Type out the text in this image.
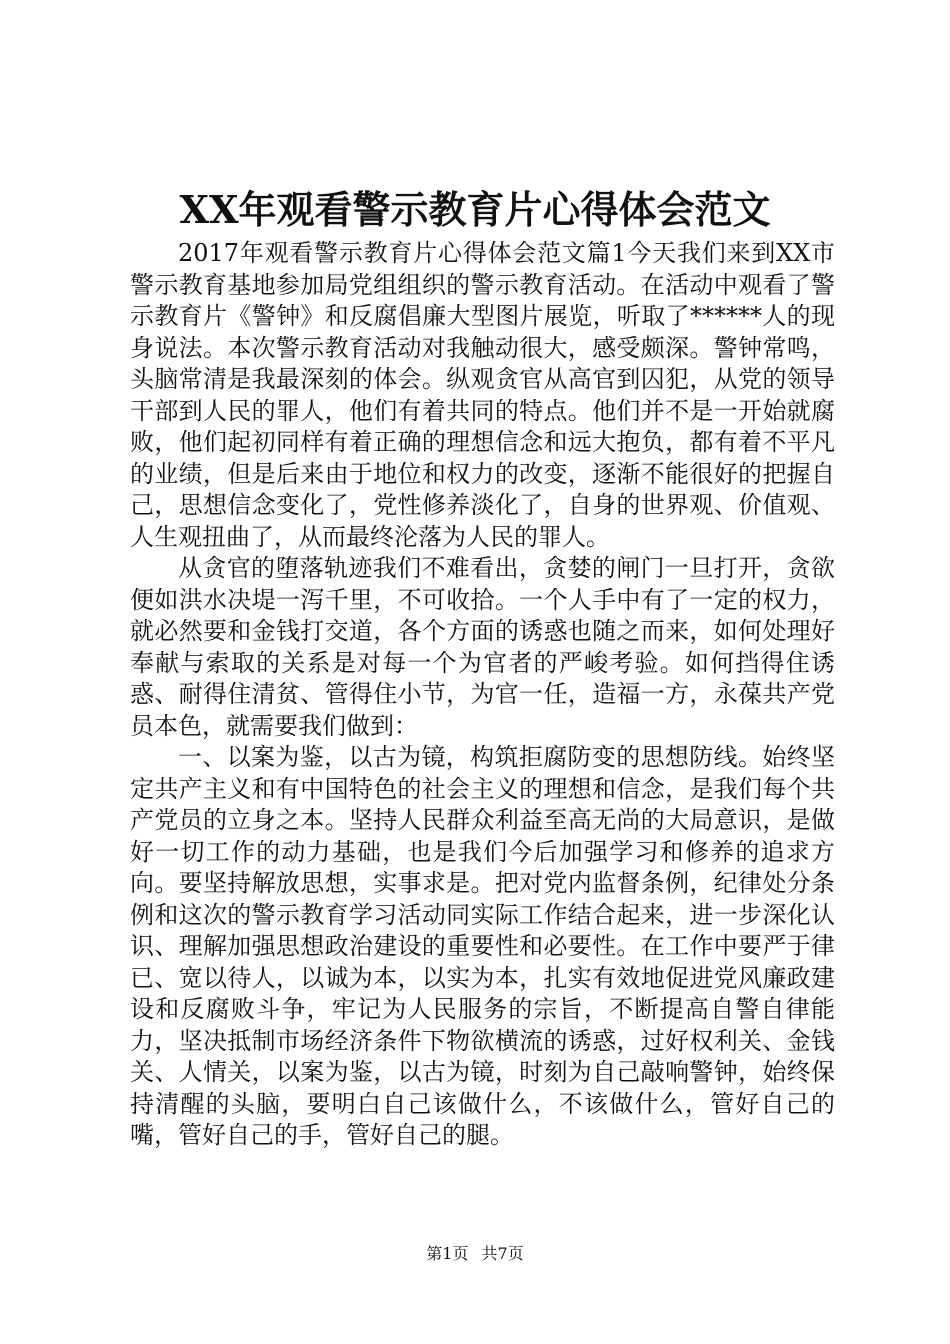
XX年观看警示教育片心得体会范文

2017年观看警示教育片心得体会范文篇1今天我们来到XX市警示教育基地参加局党组组织的警示教育活动。在活动中观看了警示教育片《警钟》和反腐倡廉大型图片展览，听取了******人的现身说法。本次警示教育活动对我触动很大，感受颇深。警钟常鸣，头脑常清是我最深刻的体会。纵观贪官从高官到囚犯，从党的领导干部到人民的罪人，他们有着共同的特点。他们并不是一开始就腐败，他们起初同样有着正确的理想信念和远大抱负，都有着不平凡的业绩，但是后来由于地位和权力的改变，逐渐不能很好的把握自己，思想信念变化了，党性修养淡化了，自身的世界观、价值观、人生观扭曲了，从而最终沦落为人民的罪人。

从贪官的堕落轨迹我们不难看出，贪婪的闸门一旦打开，贪欲便如洪水决堤一泻千里，不可收拾。一个人手中有了一定的权力，就必然要和金钱打交道，各个方面的诱惑也随之而来，如何处理好奉献与索取的关系是对每一个为官者的严峻考验。如何挡得住诱惑、耐得住清贫、管得住小节，为官一任，造福一方，永葆共产党员本色，就需要我们做到：

一、以案为鉴，以古为镜，构筑拒腐防变的思想防线。始终坚定共产主义和有中国特色的社会主义的理想和信念，是我们每个共产党员的立身之本。坚持人民群众利益至高无尚的大局意识，是做好一切工作的动力基础，也是我们今后加强学习和修养的追求方向。要坚持解放思想，实事求是。把对党内监督条例，纪律处分条例和这次的警示教育学习活动同实际工作结合起来，进一步深化认识、理解加强思想政治建设的重要性和必要性。在工作中要严于律已、宽以待人，以诚为本，以实为本，扎实有效地促进党风廉政建设和反腐败斗争，牢记为人民服务的宗旨，不断提高自警自律能力，坚决抵制市场经济条件下物欲横流的诱惑，过好权利关、金钱关、人情关，以案为鉴，以古为镜，时刻为自己敲响警钟，始终保持清醒的头脑，要明白自己该做什么，不该做什么，管好自己的嘴，管好自己的手，管好自己的腿。

第1页 共7页
